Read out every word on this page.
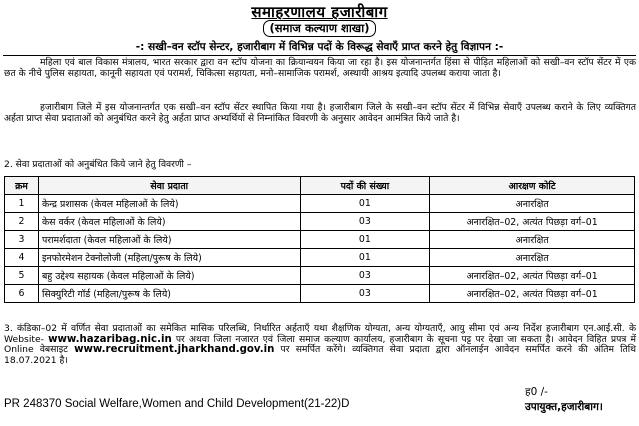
समाहरणालय हजारीबाग
(समाज कल्याण शाखा)
-: सखी–वन स्टॉप सेन्टर, हजारीबाग में विभिन्न पदों के विरूद्ध सेवाएँ प्राप्त करने हेतु विज्ञापन :-
महिला एवं बाल विकास मंत्रालय, भारत सरकार द्वारा वन स्टॉप योजना का क्रियान्वयन किया जा रहा है। इस योजनान्तर्गत हिंसा से पीड़ित महिलाओं को सखी–वन स्टॉप सेंटर में एक छत के नीचे पुलिस सहायता, कानूनी सहायता एवं परामर्श, चिकित्सा सहायता, मनो–सामाजिक परामर्श, अस्थायी आश्रय इत्यादि उपलब्ध कराया जाता है।
हजारीबाग जिले में इस योजनान्तर्गत एक सखी–वन स्टॉप सेंटर स्थापित किया गया है। हजारीबाग जिले के सखी–वन स्टॉप सेंटर में विभिन्न सेवाएँ उपलब्ध कराने के लिए व्यक्तिगत अर्हता प्राप्त सेवा प्रदाताओं को अनुबंधित करने हेतु अर्हता प्राप्त अभ्यर्थियों से निम्नांकित विवरणी के अनुसार आवेदन आमंत्रित किये जाते है।
2. सेवा प्रदाताओं को अनुबंधित किये जाने हेतु विवरणी –
क्रम	सेवा प्रदाता	पदों की संख्या	आरक्षण कोटि
1	केन्द्र प्रशासक (केवल महिलाओं के लिये)	01	अनारक्षित
2	केस वर्कर (केवल महिलाओं के लिये)	03	अनारक्षित–02, अत्यंत पिछड़ा वर्ग–01
3	परामर्शदाता (केवल महिलाओं के लिये)	01	अनारक्षित
4	इनफोरमेशन टेक्नोलोजी (महिला/पुरूष के लिये)	01	अनारक्षित
5	बहु उद्देश्य सहायक (केवल महिलाओं के लिये)	03	अनारक्षित–02, अत्यंत पिछड़ा वर्ग–01
6	सिक्युरिटी गॉर्ड (महिला/पुरूष के लिये)	03	अनारक्षित–02, अत्यंत पिछड़ा वर्ग–01
3. कंडिका–02 में वर्णित सेवा प्रदाताओं का समेकित मासिक परिलब्धि, निर्धारित अर्हताएँ यथा शैक्षणिक योग्यता, अन्य योग्यताएँ, आयु सीमा एवं अन्य निर्देश हजारीबाग एन.आई.सी. के Website- www.hazaribag.nic.in पर अथवा जिला नजारत एवं जिला समाज कल्याण कार्यालय, हजारीबाग के सूचना पट्ट पर देखा जा सकता है। आवेदन विहित प्रपत्र में Online वेबसाइट www.recruitment.jharkhand.gov.in पर समर्पित करेंगे। व्यक्तिगत सेवा प्रदाता द्वारा ऑनलाईन आवेदन समर्पित करने की अंतिम तिथि 18.07.2021 है।
ह0 /-
उपायुक्त,हजारीबाग।
PR 248370 Social Welfare,Women and Child Development(21-22)D
